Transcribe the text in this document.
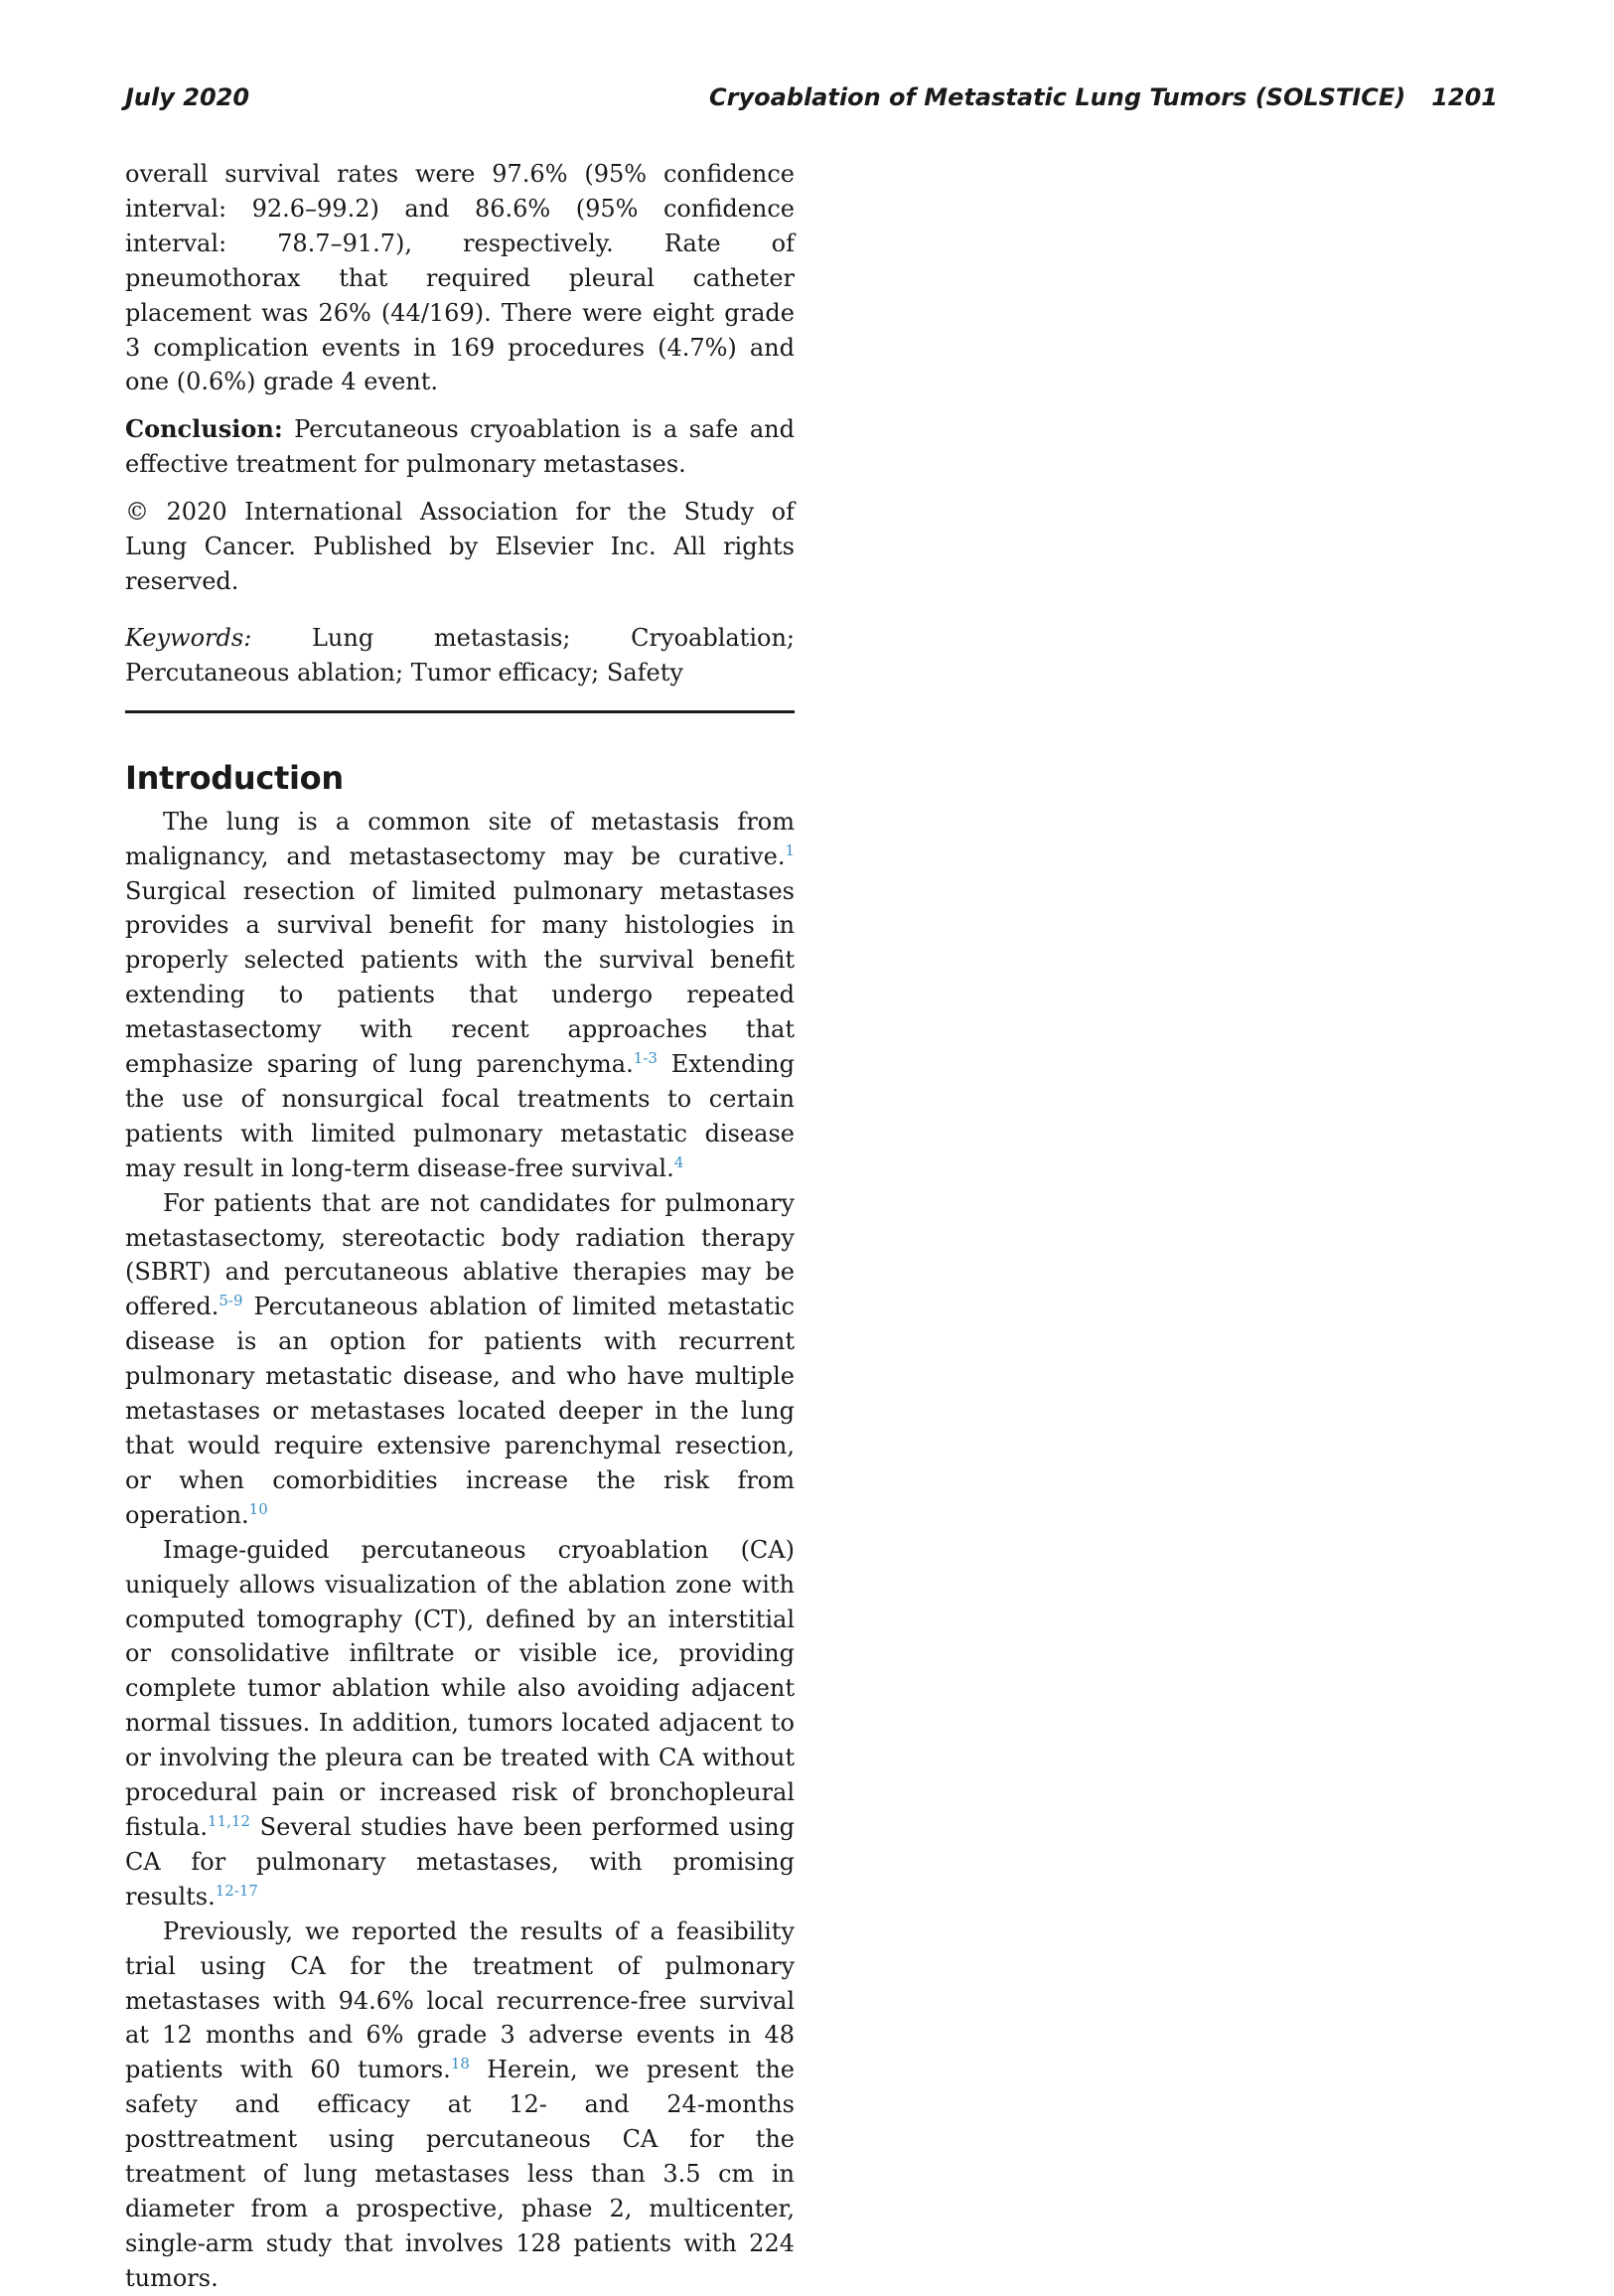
July 2020	Cryoablation of Metastatic Lung Tumors (SOLSTICE) 1201

overall survival rates were 97.6% (95% confidence interval: 92.6–99.2) and 86.6% (95% confidence interval: 78.7–91.7), respectively. Rate of pneumothorax that required pleural catheter placement was 26% (44/169). There were eight grade 3 complication events in 169 procedures (4.7%) and one (0.6%) grade 4 event.

Conclusion: Percutaneous cryoablation is a safe and effective treatment for pulmonary metastases.

© 2020 International Association for the Study of Lung Cancer. Published by Elsevier Inc. All rights reserved.

Keywords: Lung metastasis; Cryoablation; Percutaneous ablation; Tumor efficacy; Safety

Introduction

The lung is a common site of metastasis from malignancy, and metastasectomy may be curative.$^1$ Surgical resection of limited pulmonary metastases provides a survival benefit for many histologies in properly selected patients with the survival benefit extending to patients that undergo repeated metastasectomy with recent approaches that emphasize sparing of lung parenchyma.$^{1-3}$ Extending the use of nonsurgical focal treatments to certain patients with limited pulmonary metastatic disease may result in long-term disease-free survival.$^4$

For patients that are not candidates for pulmonary metastasectomy, stereotactic body radiation therapy (SBRT) and percutaneous ablative therapies may be offered.$^{5-9}$ Percutaneous ablation of limited metastatic disease is an option for patients with recurrent pulmonary metastatic disease, and who have multiple metastases or metastases located deeper in the lung that would require extensive parenchymal resection, or when comorbidities increase the risk from operation.$^{10}$

Image-guided percutaneous cryoablation (CA) uniquely allows visualization of the ablation zone with computed tomography (CT), defined by an interstitial or consolidative infiltrate or visible ice, providing complete tumor ablation while also avoiding adjacent normal tissues. In addition, tumors located adjacent to or involving the pleura can be treated with CA without procedural pain or increased risk of bronchopleural fistula.$^{11,12}$ Several studies have been performed using CA for pulmonary metastases, with promising results.$^{12-17}$

Previously, we reported the results of a feasibility trial using CA for the treatment of pulmonary metastases with 94.6% local recurrence-free survival at 12 months and 6% grade 3 adverse events in 48 patients with 60 tumors.$^{18}$ Herein, we present the safety and efficacy at 12- and 24-months posttreatment using percutaneous CA for the treatment of lung metastases less than 3.5 cm in diameter from a prospective, phase 2, multicenter, single-arm study that involves 128 patients with 224 tumors.
